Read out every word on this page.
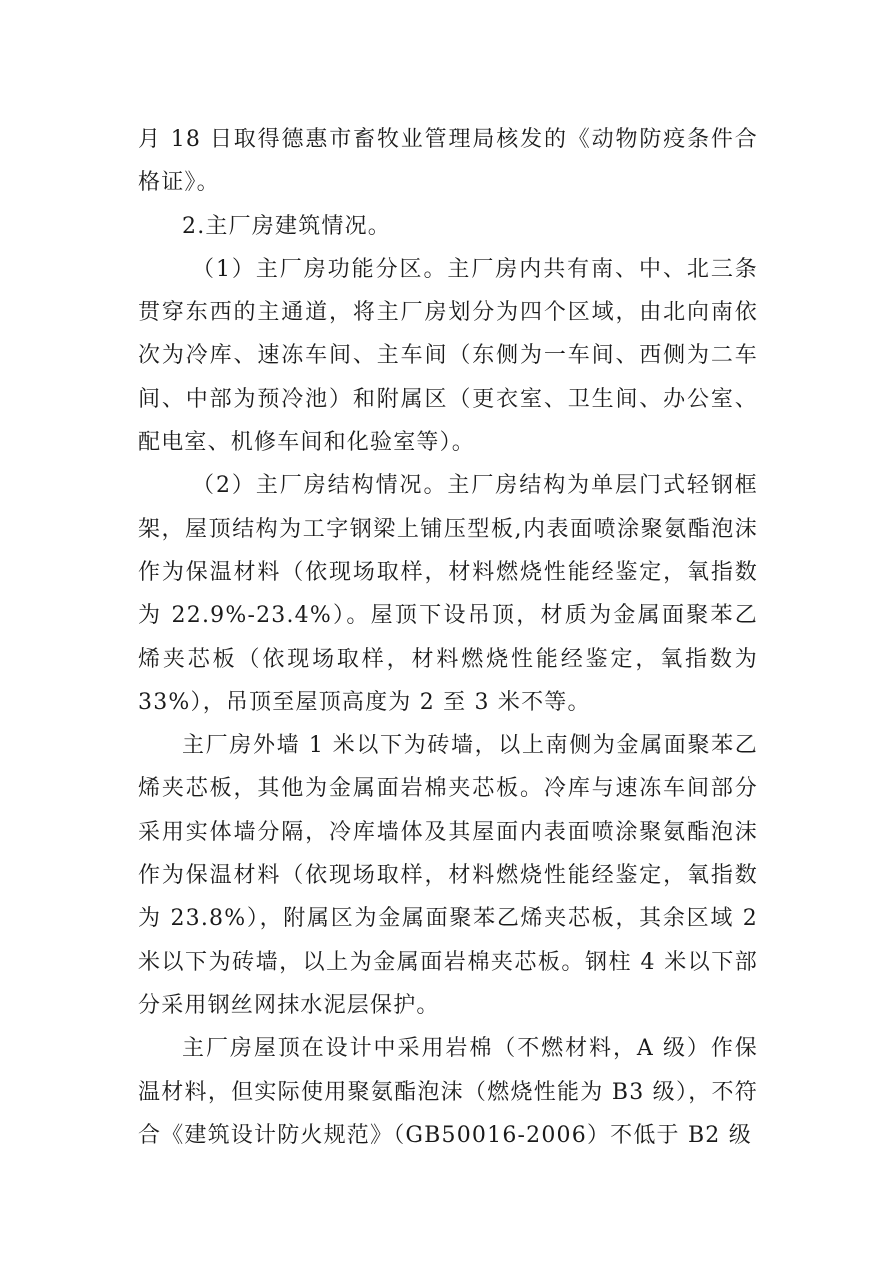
月 18 日取得德惠市畜牧业管理局核发的《动物防疫条件合格证》。

2.主厂房建筑情况。

（1）主厂房功能分区。主厂房内共有南、中、北三条贯穿东西的主通道，将主厂房划分为四个区域，由北向南依次为冷库、速冻车间、主车间（东侧为一车间、西侧为二车间、中部为预冷池）和附属区（更衣室、卫生间、办公室、配电室、机修车间和化验室等）。

（2）主厂房结构情况。主厂房结构为单层门式轻钢框架，屋顶结构为工字钢梁上铺压型板,内表面喷涂聚氨酯泡沫作为保温材料（依现场取样，材料燃烧性能经鉴定，氧指数为 22.9%-23.4%）。屋顶下设吊顶，材质为金属面聚苯乙烯夹芯板（依现场取样，材料燃烧性能经鉴定，氧指数为33%），吊顶至屋顶高度为 2 至 3 米不等。

主厂房外墙 1 米以下为砖墙，以上南侧为金属面聚苯乙烯夹芯板，其他为金属面岩棉夹芯板。冷库与速冻车间部分采用实体墙分隔，冷库墙体及其屋面内表面喷涂聚氨酯泡沫作为保温材料（依现场取样，材料燃烧性能经鉴定，氧指数为 23.8%），附属区为金属面聚苯乙烯夹芯板，其余区域 2 米以下为砖墙，以上为金属面岩棉夹芯板。钢柱 4 米以下部分采用钢丝网抹水泥层保护。

主厂房屋顶在设计中采用岩棉（不燃材料，A 级）作保温材料，但实际使用聚氨酯泡沫（燃烧性能为 B3 级），不符合《建筑设计防火规范》（GB50016-2006）不低于 B2 级
